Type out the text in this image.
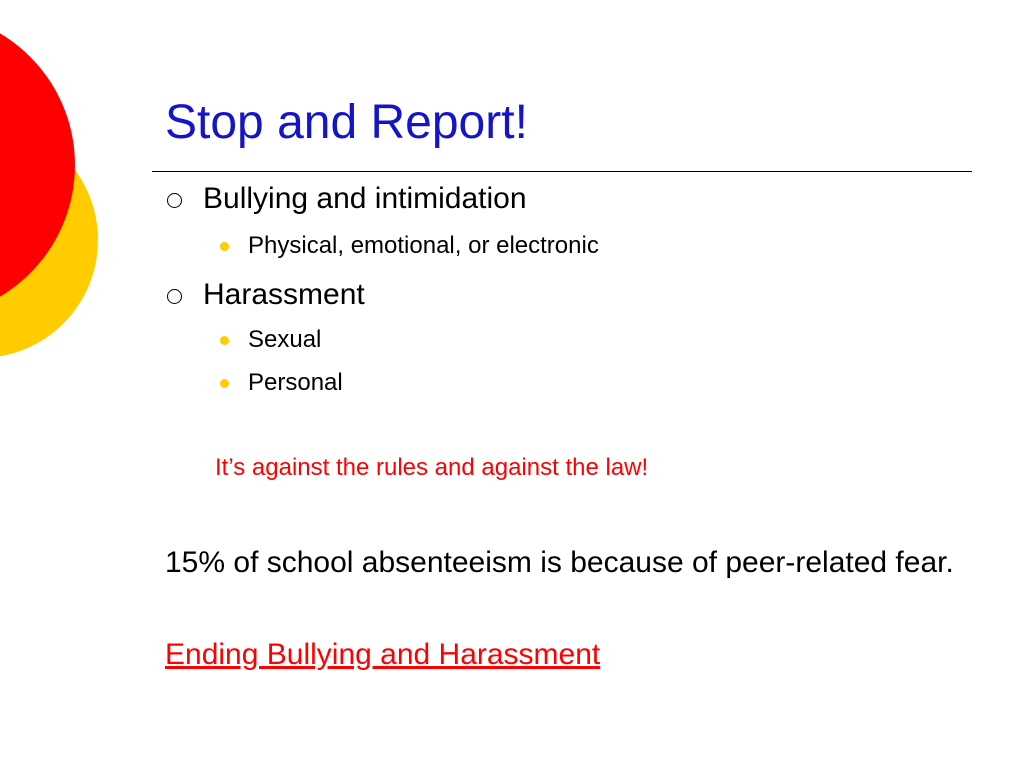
Stop and Report!
Bullying and intimidation
Physical, emotional, or electronic
Harassment
Sexual
Personal
It’s against the rules and against the law!
15% of school absenteeism is because of peer-related fear.
Ending Bullying and Harassment
